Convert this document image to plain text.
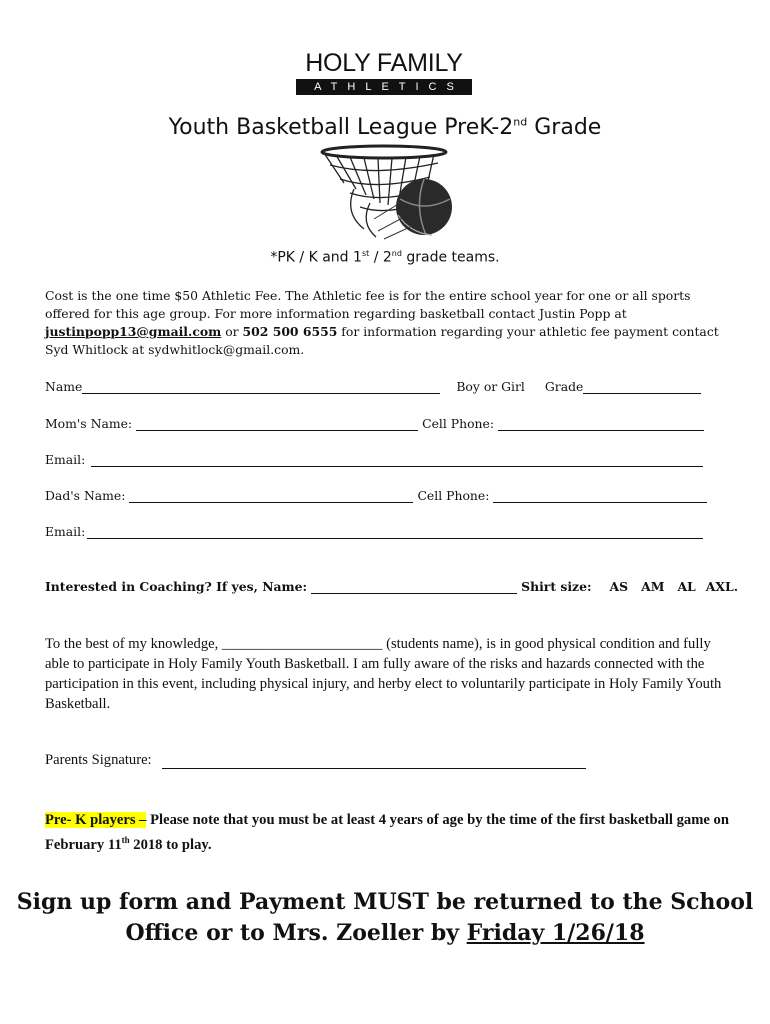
HOLY FAMILY
ATHLETICS
Youth Basketball League PreK-2nd Grade
*PK / K and 1st / 2nd grade teams.

Cost is the one time $50 Athletic Fee. The Athletic fee is for the entire school year for one or all sports offered for this age group. For more information regarding basketball contact Justin Popp at justinpopp13@gmail.com or 502 500 6555 for information regarding your athletic fee payment contact Syd Whitlock at sydwhitlock@gmail.com.

Name	Boy or Girl Grade
Mom's Name:	Cell Phone:
Email:
Dad's Name:	Cell Phone:
Email:
Interested in Coaching? If yes, Name:	Shirt size: AS AM AL AXL.

To the best of my knowledge, ______________________ (students name), is in good physical condition and fully able to participate in Holy Family Youth Basketball. I am fully aware of the risks and hazards connected with the participation in this event, including physical injury, and herby elect to voluntarily participate in Holy Family Youth Basketball.

Parents Signature:

Pre- K players – Please note that you must be at least 4 years of age by the time of the first basketball game on February 11th 2018 to play.

Sign up form and Payment MUST be returned to the School
Office or to Mrs. Zoeller by Friday 1/26/18
